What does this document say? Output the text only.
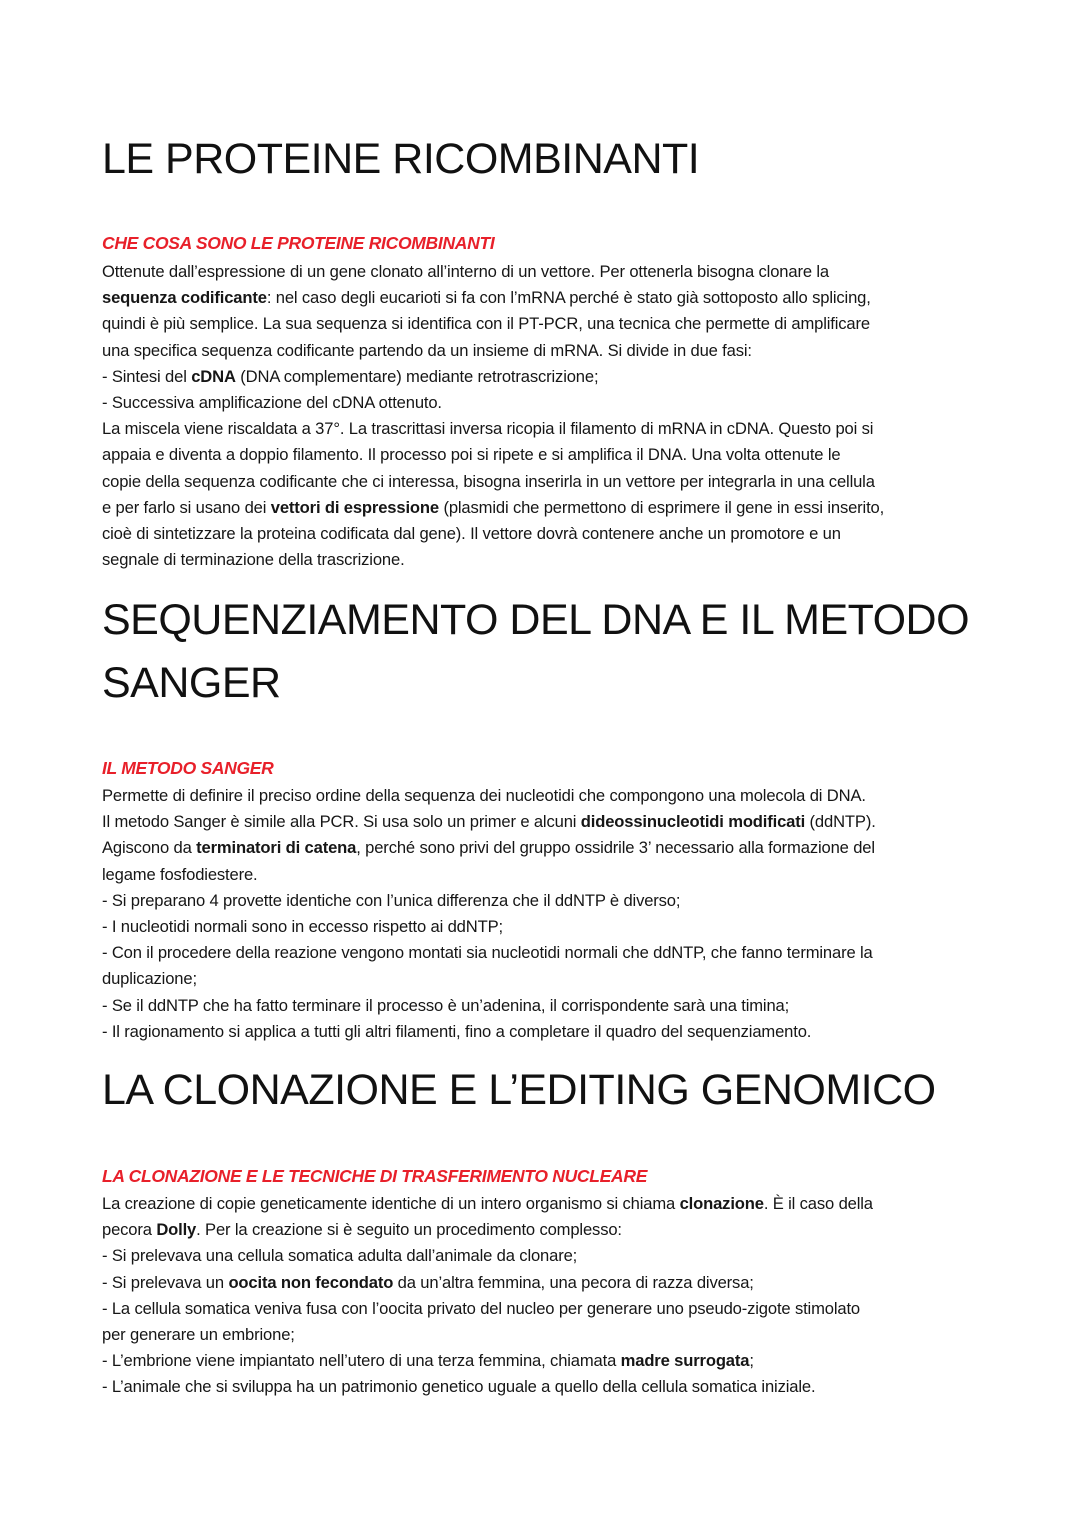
LE PROTEINE RICOMBINANTI
CHE COSA SONO LE PROTEINE RICOMBINANTI
Ottenute dall’espressione di un gene clonato all’interno di un vettore. Per ottenerla bisogna clonare la
sequenza codificante: nel caso degli eucarioti si fa con l’mRNA perché è stato già sottoposto allo splicing,
quindi è più semplice. La sua sequenza si identifica con il PT-PCR, una tecnica che permette di amplificare
una specifica sequenza codificante partendo da un insieme di mRNA. Si divide in due fasi:
- Sintesi del cDNA (DNA complementare) mediante retrotrascrizione;
- Successiva amplificazione del cDNA ottenuto.
La miscela viene riscaldata a 37°. La trascrittasi inversa ricopia il filamento di mRNA in cDNA. Questo poi si
appaia e diventa a doppio filamento. Il processo poi si ripete e si amplifica il DNA. Una volta ottenute le
copie della sequenza codificante che ci interessa, bisogna inserirla in un vettore per integrarla in una cellula
e per farlo si usano dei vettori di espressione (plasmidi che permettono di esprimere il gene in essi inserito,
cioè di sintetizzare la proteina codificata dal gene). Il vettore dovrà contenere anche un promotore e un
segnale di terminazione della trascrizione.
SEQUENZIAMENTO DEL DNA E IL METODO
SANGER
IL METODO SANGER
Permette di definire il preciso ordine della sequenza dei nucleotidi che compongono una molecola di DNA.
Il metodo Sanger è simile alla PCR. Si usa solo un primer e alcuni dideossinucleotidi modificati (ddNTP).
Agiscono da terminatori di catena, perché sono privi del gruppo ossidrile 3’ necessario alla formazione del
legame fosfodiestere.
- Si preparano 4 provette identiche con l’unica differenza che il ddNTP è diverso;
- I nucleotidi normali sono in eccesso rispetto ai ddNTP;
- Con il procedere della reazione vengono montati sia nucleotidi normali che ddNTP, che fanno terminare la
duplicazione;
- Se il ddNTP che ha fatto terminare il processo è un’adenina, il corrispondente sarà una timina;
- Il ragionamento si applica a tutti gli altri filamenti, fino a completare il quadro del sequenziamento.
LA CLONAZIONE E L’EDITING GENOMICO
LA CLONAZIONE E LE TECNICHE DI TRASFERIMENTO NUCLEARE
La creazione di copie geneticamente identiche di un intero organismo si chiama clonazione. È il caso della
pecora Dolly. Per la creazione si è seguito un procedimento complesso:
- Si prelevava una cellula somatica adulta dall’animale da clonare;
- Si prelevava un oocita non fecondato da un’altra femmina, una pecora di razza diversa;
- La cellula somatica veniva fusa con l’oocita privato del nucleo per generare uno pseudo-zigote stimolato
per generare un embrione;
- L’embrione viene impiantato nell’utero di una terza femmina, chiamata madre surrogata;
- L’animale che si sviluppa ha un patrimonio genetico uguale a quello della cellula somatica iniziale.
